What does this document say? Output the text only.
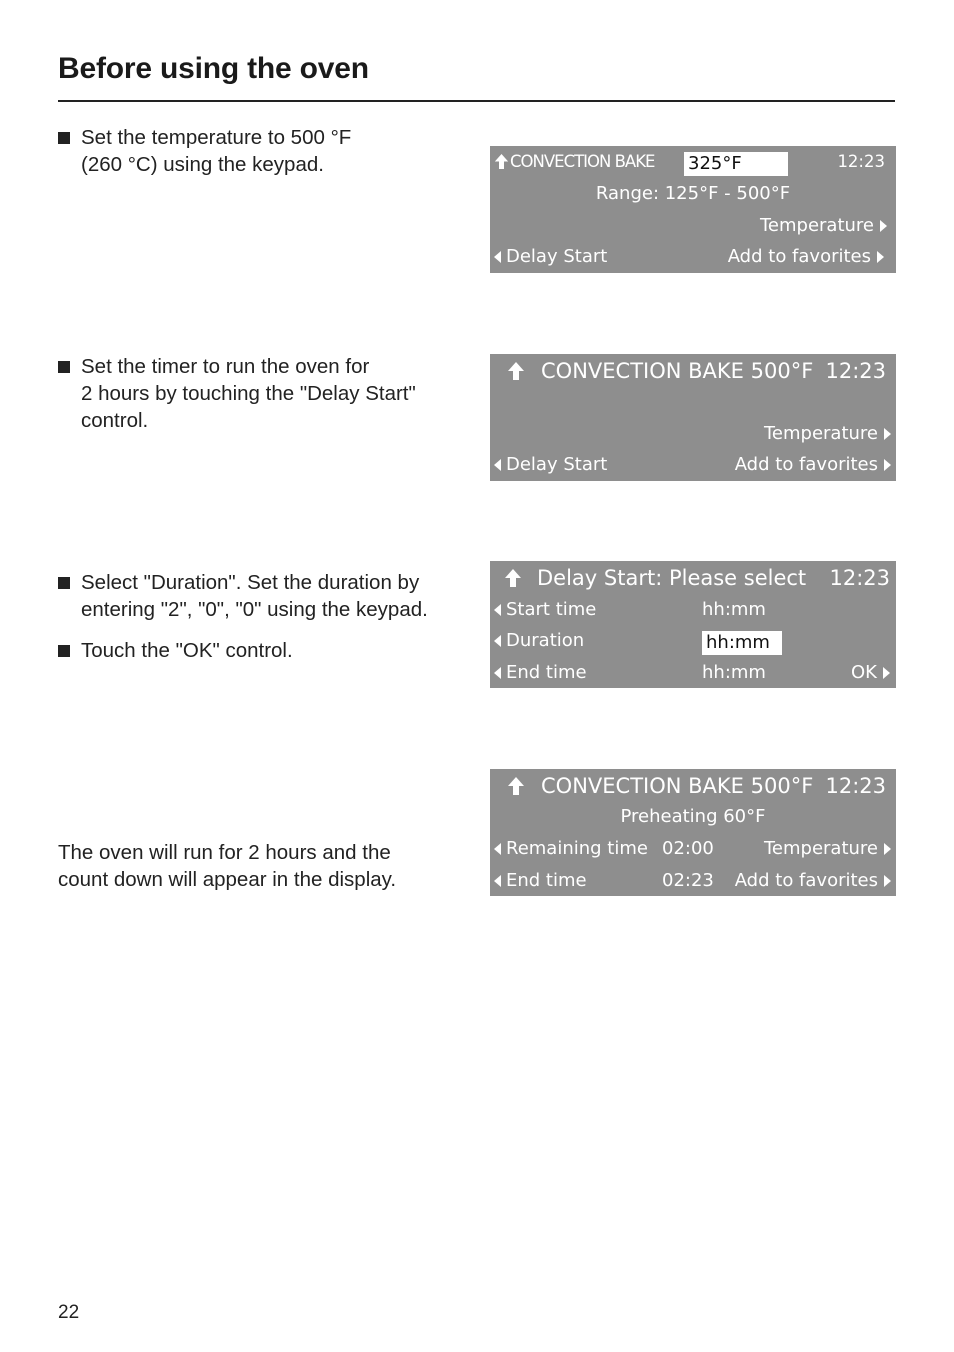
Before using the oven
Set the temperature to 500 °F
(260 °C) using the keypad.	CONVECTION BAKE 325°F	12:23
Range: 125°F - 500°F
Temperature
Delay Start	Add to favorites
Set the timer to run the oven for
2 hours by touching the "Delay Start"
control.
CONVECTION BAKE 500°F 12:23
Temperature
Delay Start	Add to favorites
Select "Duration". Set the duration by
entering "2", "0", "0" using the keypad.
Touch the "OK" control.
Delay Start: Please select 12:23
Start time	hh:mm
Duration	hh:mm
End time	hh:mm	OK

The oven will run for 2 hours and the

count down will appear in the display.

CONVECTION BAKE 500°F 12:23
Preheating 60°F
Remaining time 02:00	Temperature
End time	02:23 Add to favorites
22
